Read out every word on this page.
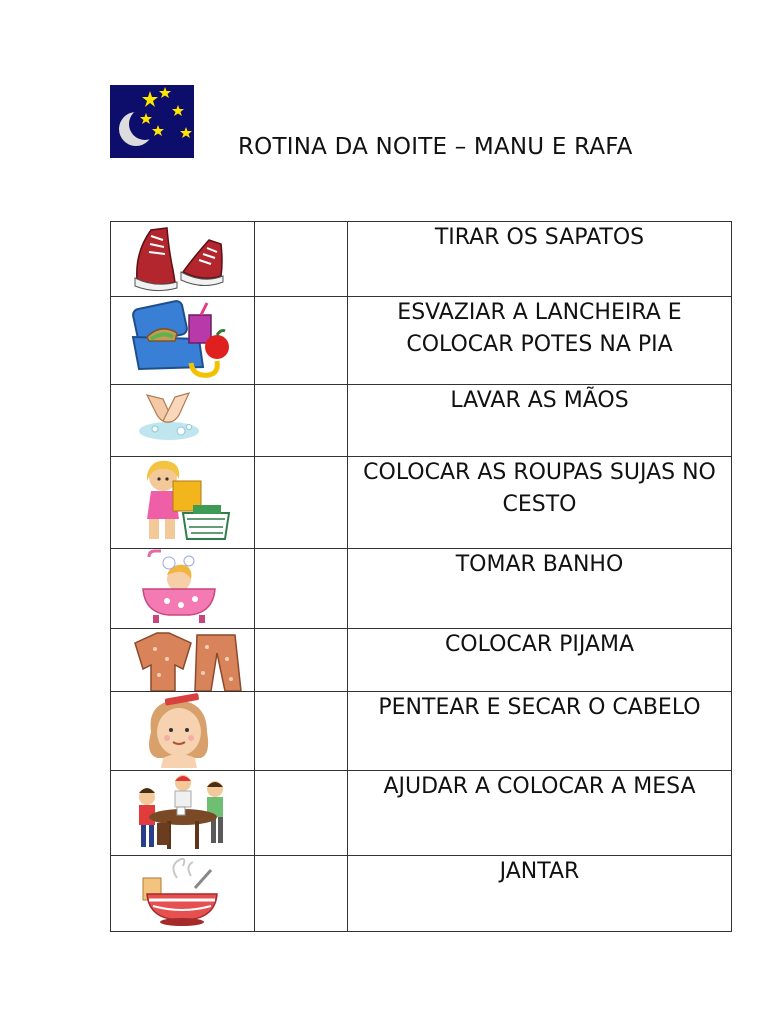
ROTINA DA NOITE – MANU E RAFA
		TIRAR OS SAPATOS

		ESVAZIAR A LANCHEIRA E COLOCAR POTES NA PIA

		LAVAR AS MÃOS

		COLOCAR AS ROUPAS SUJAS NO CESTO

		TOMAR BANHO

		COLOCAR PIJAMA

		PENTEAR E SECAR O CABELO

		AJUDAR A COLOCAR A MESA

		JANTAR
